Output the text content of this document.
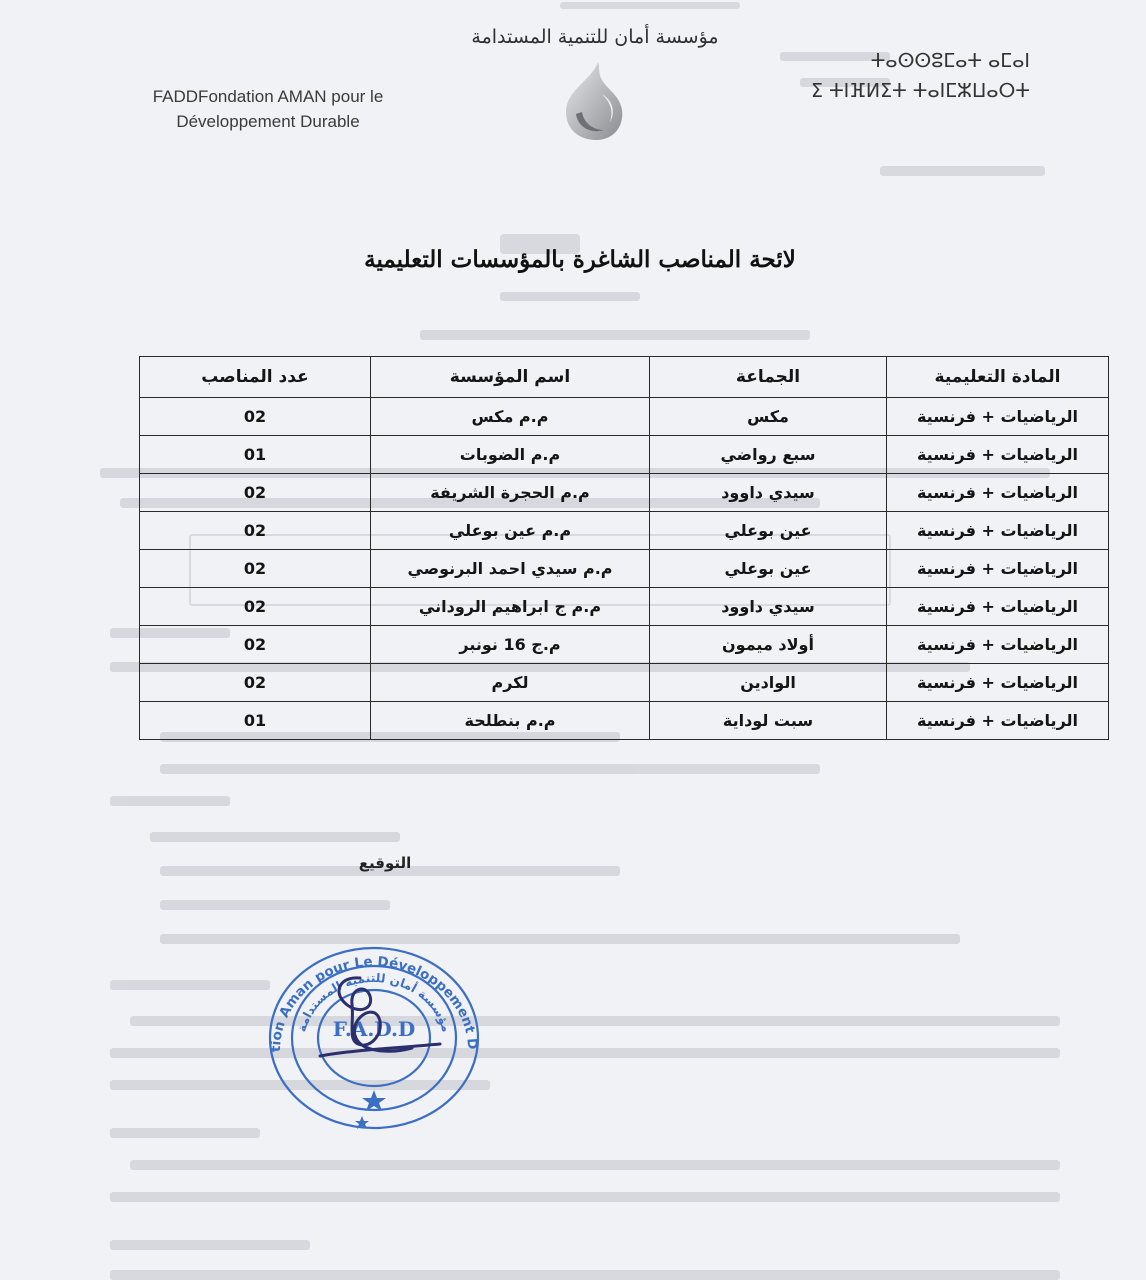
مؤسسة أمان للتنمية المستدامة
FADDFondation AMAN pour le Développement Durable
ⵜⴰⵙⵙⵓⵎⴰⵜ ⴰⵎⴰⵏ
ⵉ ⵜⵏⴼⵍⵉⵜ ⵜⴰⵏⵎⵣⵡⴰⵔⵜ
لائحة المناصب الشاغرة بالمؤسسات التعليمية
المادة التعليمية	الجماعة	اسم المؤسسة	عدد المناصب
الرياضيات + فرنسية	مكس	م.م مكس	02
الرياضيات + فرنسية	سبع رواضي	م.م الضوبات	01
الرياضيات + فرنسية	سيدي داوود	م.م الحجرة الشريفة	02
الرياضيات + فرنسية	عين بوعلي	م.م عين بوعلي	02
الرياضيات + فرنسية	عين بوعلي	م.م سيدي احمد البرنوصي	02
الرياضيات + فرنسية	سيدي داوود	م.م ج ابراهيم الروداني	02
الرياضيات + فرنسية	أولاد ميمون	م.ج 16 نونبر	02
الرياضيات + فرنسية	الوادين	لكرم	02
الرياضيات + فرنسية	سبت لوداية	م.م بنطلحة	01
التوقيع
tion Aman pour Le Développement D
مؤسسة أمان للتنمية المستدامة
F.A.D.D
